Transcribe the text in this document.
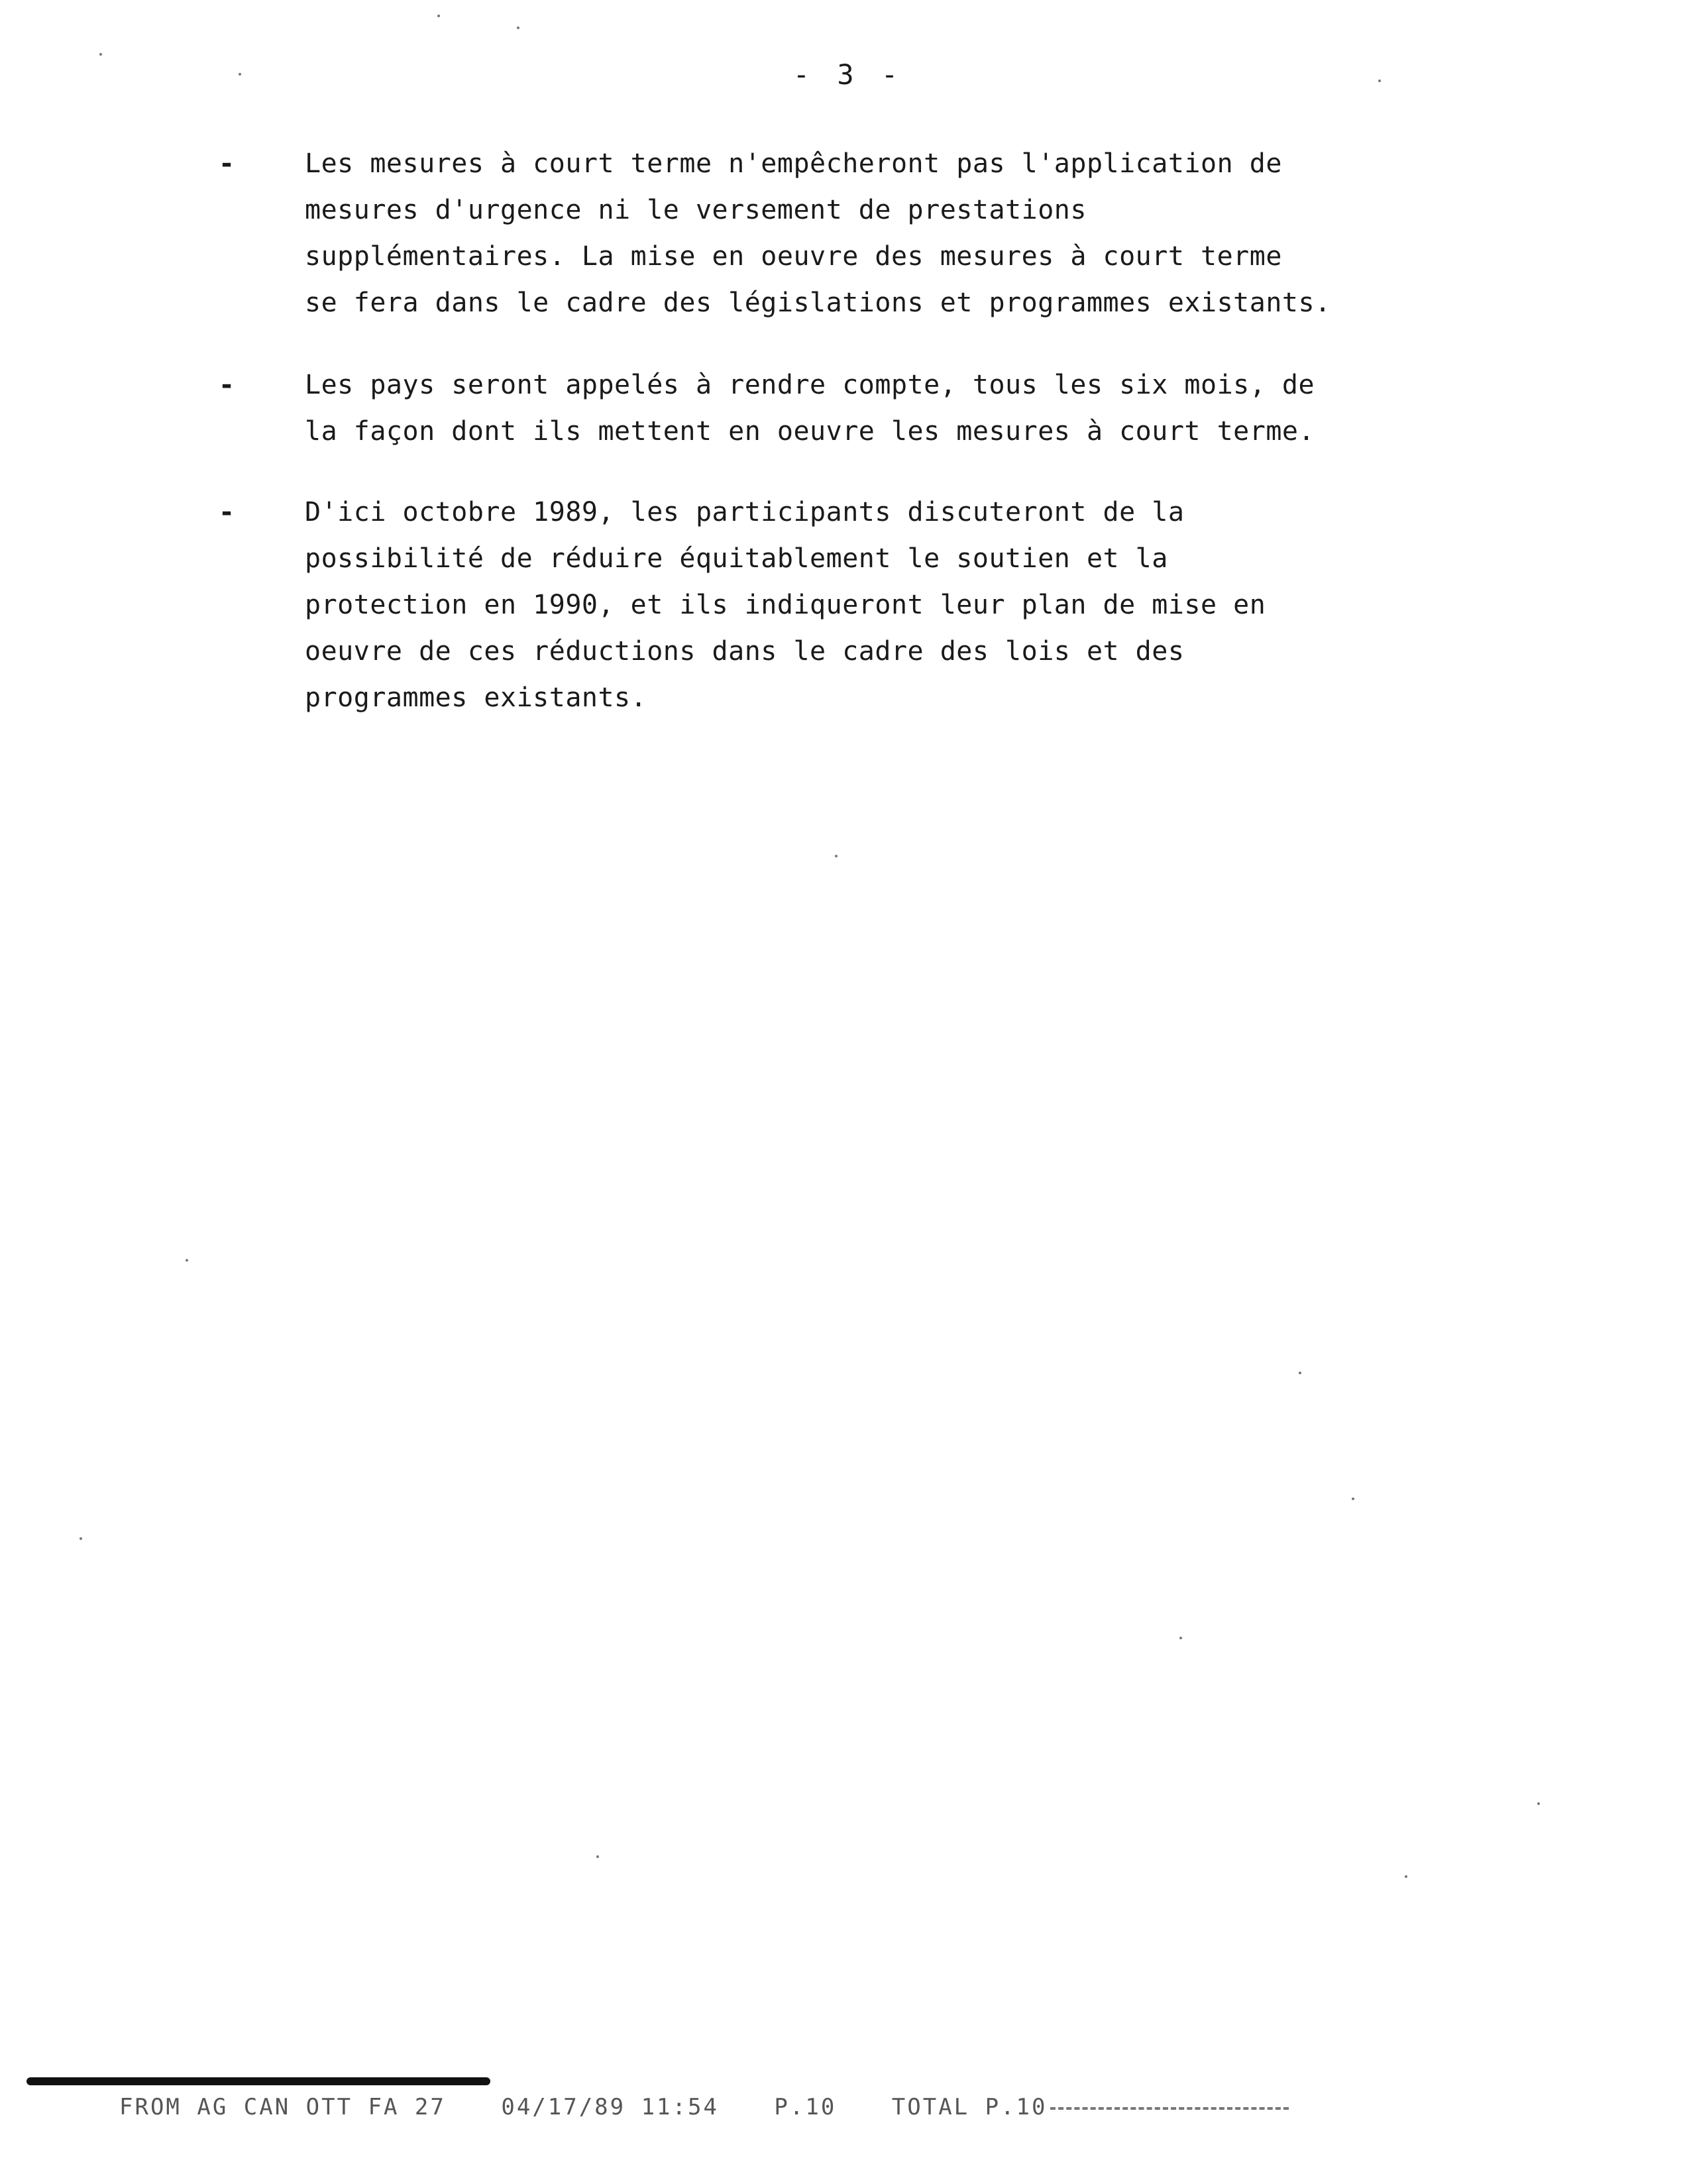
- 3 -
-	Les mesures à court terme n'empêcheront pas l'application de
mesures d'urgence ni le versement de prestations
supplémentaires. La mise en oeuvre des mesures à court terme
se fera dans le cadre des législations et programmes existants.
-	Les pays seront appelés à rendre compte, tous les six mois, de
la façon dont ils mettent en oeuvre les mesures à court terme.
-	D'ici octobre 1989, les participants discuteront de la
possibilité de réduire équitablement le soutien et la
protection en 1990, et ils indiqueront leur plan de mise en
oeuvre de ces réductions dans le cadre des lois et des
programmes existants.
FROM AG CAN OTT FA 27 04/17/89 11:54 P.10 TOTAL P.10
